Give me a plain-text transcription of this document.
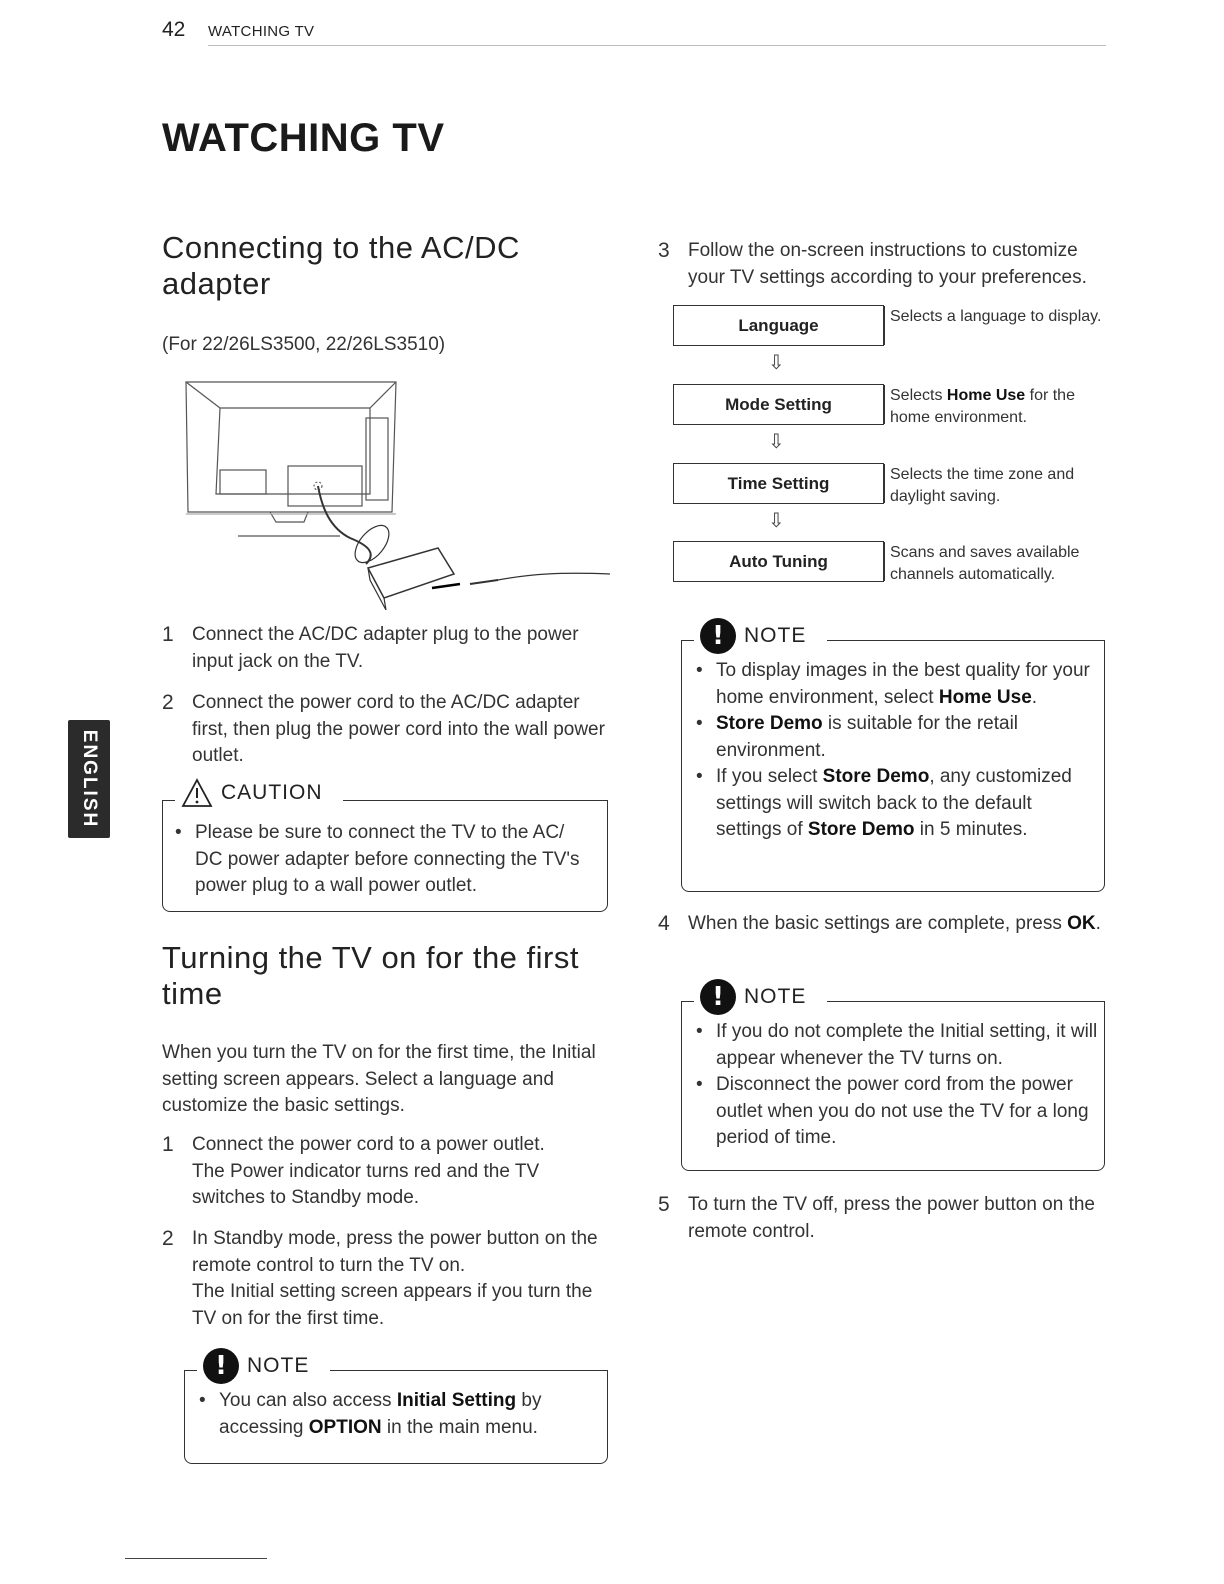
42 WATCHING TV
WATCHING TV
ENGLISH
Connecting to the AC/DC
adapter
(For 22/26LS3500, 22/26LS3510)
1 Connect the AC/DC adapter plug to the power input jack on the TV.
2 Connect the power cord to the AC/DC adapter first, then plug the power cord into the wall power outlet.
CAUTION
• Please be sure to connect the TV to the AC/ DC power adapter before connecting the TV's power plug to a wall power outlet.
Turning the TV on for the first
time
When you turn the TV on for the first time, the Initial setting screen appears. Select a language and customize the basic settings.
1 Connect the power cord to a power outlet.
The Power indicator turns red and the TV switches to Standby mode.
2 In Standby mode, press the power button on the remote control to turn the TV on.
The Initial setting screen appears if you turn the TV on for the first time.
! NOTE
• You can also access Initial Setting by accessing OPTION in the main menu.
3 Follow the on-screen instructions to customize your TV settings according to your preferences.
Language	Selects a language to display.
⇩
Mode Setting	Selects Home Use for the home environment.
⇩
Time Setting	Selects the time zone and daylight saving.
⇩
Auto Tuning	Scans and saves available channels automatically.
! NOTE
• To display images in the best quality for your home environment, select Home Use.
• Store Demo is suitable for the retail environment.
• If you select Store Demo, any customized settings will switch back to the default settings of Store Demo in 5 minutes.
4 When the basic settings are complete, press OK.
! NOTE
• If you do not complete the Initial setting, it will appear whenever the TV turns on.
• Disconnect the power cord from the power outlet when you do not use the TV for a long period of time.
5 To turn the TV off, press the power button on the remote control.
